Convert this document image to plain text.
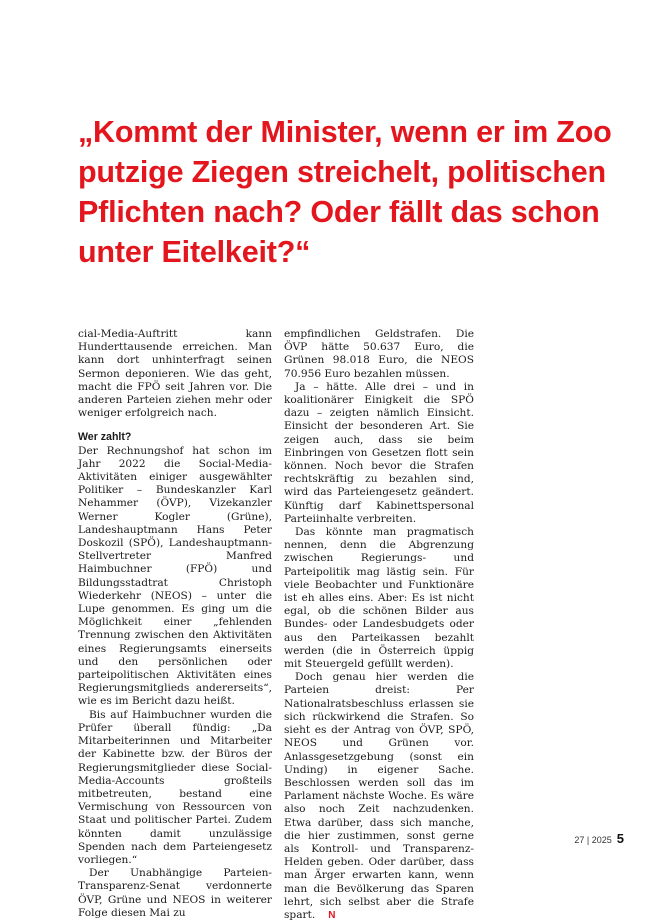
„Kommt der Minister, wenn er im Zoo putzige Ziegen streichelt, politischen Pflichten nach? Oder fällt das schon unter Eitelkeit?“

cial-Media-Auftritt kann Hunderttausende erreichen. Man kann dort unhinterfragt seinen Sermon deponieren. Wie das geht, macht die FPÖ seit Jahren vor. Die anderen Parteien ziehen mehr oder weniger erfolgreich nach.

Wer zahlt?

Der Rechnungshof hat schon im Jahr 2022 die Social-Media-Aktivitäten einiger ausgewählter Politiker – Bundeskanzler Karl Nehammer (ÖVP), Vizekanzler Werner Kogler (Grüne), Landeshauptmann Hans Peter Doskozil (SPÖ), Landeshauptmann-Stellvertreter Manfred Haimbuchner (FPÖ) und Bildungsstadtrat Christoph Wiederkehr (NEOS) – unter die Lupe genommen. Es ging um die Möglichkeit einer „fehlenden Trennung zwischen den Aktivitäten eines Regierungsamts einerseits und den persönlichen oder parteipolitischen Aktivitäten eines Regierungsmitglieds andererseits“, wie es im Bericht dazu heißt.

Bis auf Haimbuchner wurden die Prüfer überall fündig: „Da Mitarbeiterinnen und Mitarbeiter der Kabinette bzw. der Büros der Regierungsmitglieder diese Social-Media-Accounts großteils mitbetreuten, bestand eine Vermischung von Ressourcen von Staat und politischer Partei. Zudem könnten damit unzulässige Spenden nach dem Parteiengesetz vorliegen.“

Der Unabhängige Parteien-Transparenz-Senat verdonnerte ÖVP, Grüne und NEOS in weiterer Folge diesen Mai zu

empfindlichen Geldstrafen. Die ÖVP hätte 50.637 Euro, die Grünen 98.018 Euro, die NEOS 70.956 Euro bezahlen müssen.

Ja – hätte. Alle drei – und in koalitionärer Einigkeit die SPÖ dazu – zeigten nämlich Einsicht. Einsicht der besonderen Art. Sie zeigen auch, dass sie beim Einbringen von Gesetzen flott sein können. Noch bevor die Strafen rechtskräftig zu bezahlen sind, wird das Parteiengesetz geändert. Künftig darf Kabinettspersonal Parteiinhalte verbreiten.

Das könnte man pragmatisch nennen, denn die Abgrenzung zwischen Regierungs- und Parteipolitik mag lästig sein. Für viele Beobachter und Funktionäre ist eh alles eins. Aber: Es ist nicht egal, ob die schönen Bilder aus Bundes- oder Landesbudgets oder aus den Parteikassen bezahlt werden (die in Österreich üppig mit Steuergeld gefüllt werden).

Doch genau hier werden die Parteien dreist: Per Nationalratsbeschluss erlassen sie sich rückwirkend die Strafen. So sieht es der Antrag von ÖVP, SPÖ, NEOS und Grünen vor. Anlassgesetzgebung (sonst ein Unding) in eigener Sache. Beschlossen werden soll das im Parlament nächste Woche. Es wäre also noch Zeit nachzudenken. Etwa darüber, dass sich manche, die hier zustimmen, sonst gerne als Kontroll- und Transparenz-Helden geben. Oder darüber, dass man Ärger erwarten kann, wenn man die Bevölkerung das Sparen lehrt, sich selbst aber die Strafe spart. N

27 | 2025 5
